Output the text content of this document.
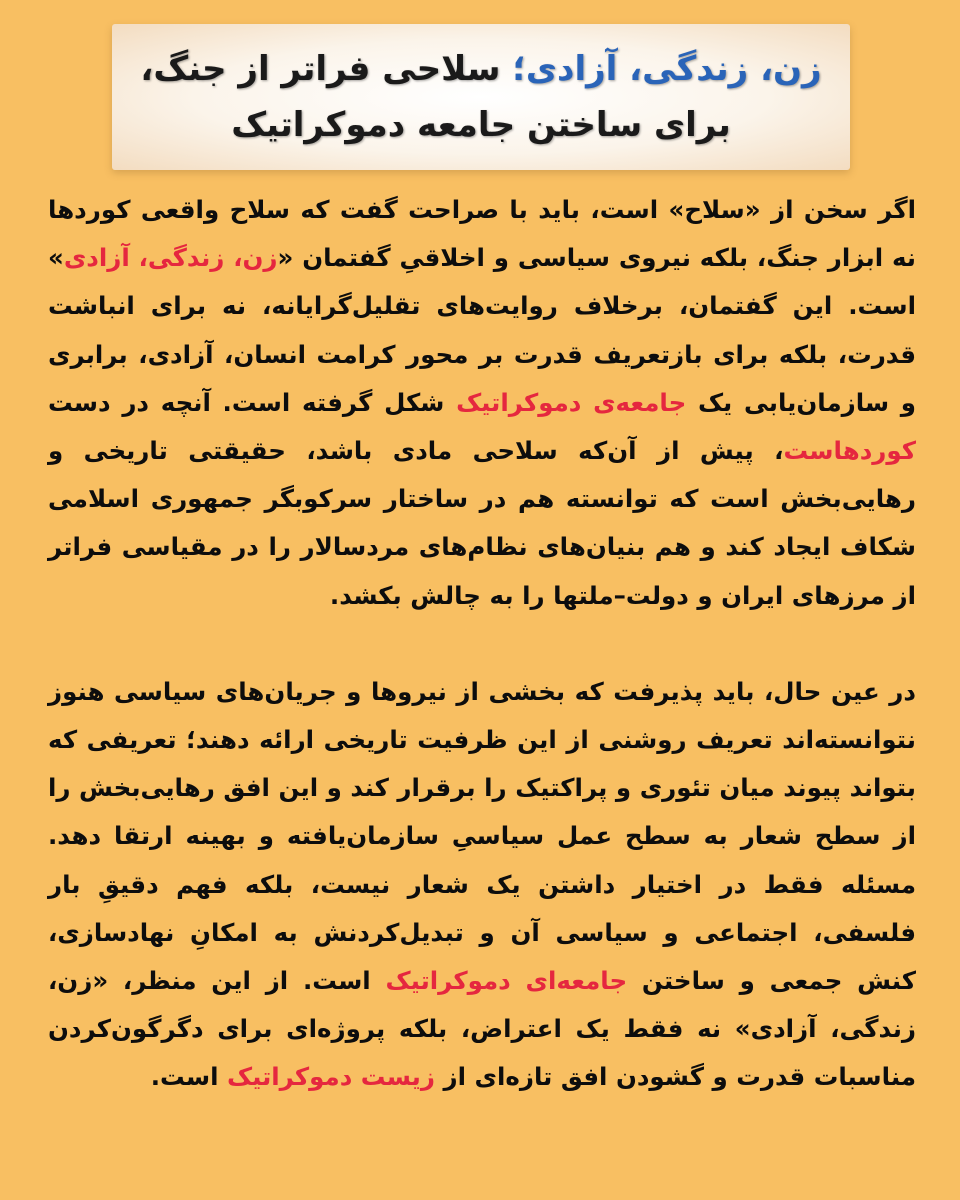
زن، زندگی، آزادی؛ سلاحی فراتر از جنگ،
برای ساختن جامعه دموکراتیک

اگر سخن از «سلاح» است، باید با صراحت گفت که سلاح واقعی کوردها نه ابزار جنگ، بلکه نیروی سیاسی و اخلاقیِ گفتمان «زن، زندگی، آزادی» است. این گفتمان، برخلاف روایت‌های تقلیل‌گرایانه، نه برای انباشت قدرت، بلکه برای بازتعریف قدرت بر محور کرامت انسان، آزادی، برابری و سازمان‌یابی یک جامعه‌ی دموکراتیک شکل گرفته است. آنچه در دست کوردهاست، پیش از آن‌که سلاحی مادی باشد، حقیقتی تاریخی و رهایی‌بخش است که توانسته هم در ساختار سرکوبگر جمهوری اسلامی شکاف ایجاد کند و هم بنیان‌های نظام‌های مردسالار را در مقیاسی فراتر از مرزهای ایران و دولت–ملتها را به چالش بکشد.

در عین حال، باید پذیرفت که بخشی از نیروها و جریان‌های سیاسی هنوز نتوانسته‌اند تعریف روشنی از این ظرفیت تاریخی ارائه دهند؛ تعریفی که بتواند پیوند میان تئوری و پراکتیک را برقرار کند و این افق رهایی‌بخش را از سطح شعار به سطح عمل سیاسیِ سازمان‌یافته و بهینه ارتقا دهد. مسئله فقط در اختیار داشتن یک شعار نیست، بلکه فهم دقیقِ بار فلسفی، اجتماعی و سیاسی آن و تبدیل‌کردنش به امکانِ نهادسازی، کنش جمعی و ساختن جامعه‌ای دموکراتیک است. از این منظر، «زن، زندگی، آزادی» نه فقط یک اعتراض، بلکه پروژه‌ای برای دگرگون‌کردن مناسبات قدرت و گشودن افق تازه‌ای از زیست دموکراتیک است.
